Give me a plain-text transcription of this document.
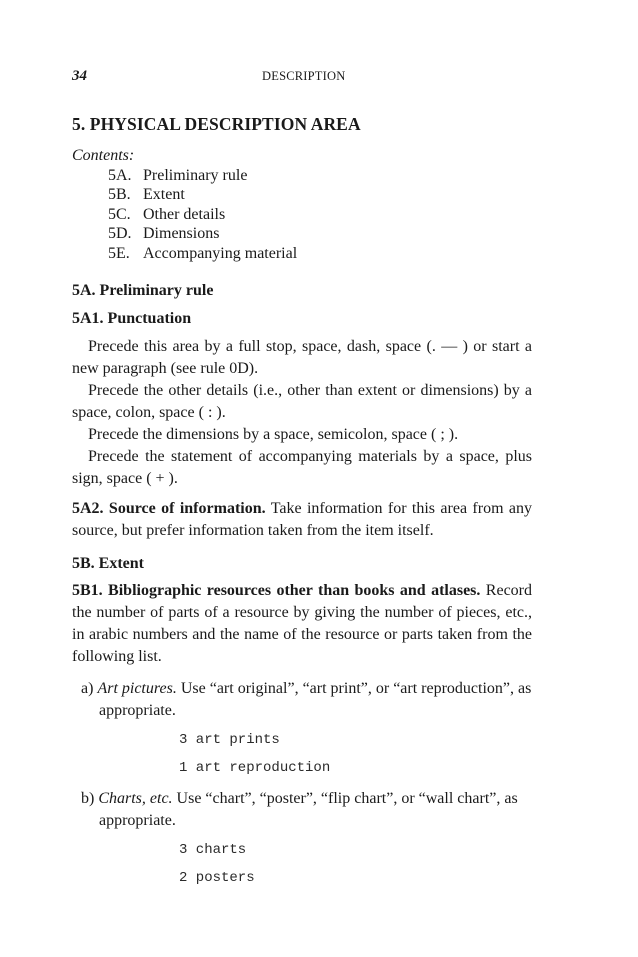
34	DESCRIPTION
5. PHYSICAL DESCRIPTION AREA
Contents:
5A. Preliminary rule
5B. Extent
5C. Other details
5D. Dimensions
5E. Accompanying material
5A. Preliminary rule
5A1. Punctuation

Precede this area by a full stop, space, dash, space (. — ) or start a new paragraph (see rule 0D).

Precede the other details (i.e., other than extent or dimensions) by a space, colon, space ( : ).

Precede the dimensions by a space, semicolon, space ( ; ).

Precede the statement of accompanying materials by a space, plus sign, space ( + ).

5A2. Source of information. Take information for this area from any source, but prefer information taken from the item itself.

5B. Extent

5B1. Bibliographic resources other than books and atlases. Record the number of parts of a resource by giving the number of pieces, etc., in arabic numbers and the name of the resource or parts taken from the following list.

a) Art pictures. Use “art original”, “art print”, or “art reproduction”, as appropriate.
3 art prints
1 art reproduction
b) Charts, etc. Use “chart”, “poster”, “flip chart”, or “wall chart”, as appropriate.
3 charts
2 posters
